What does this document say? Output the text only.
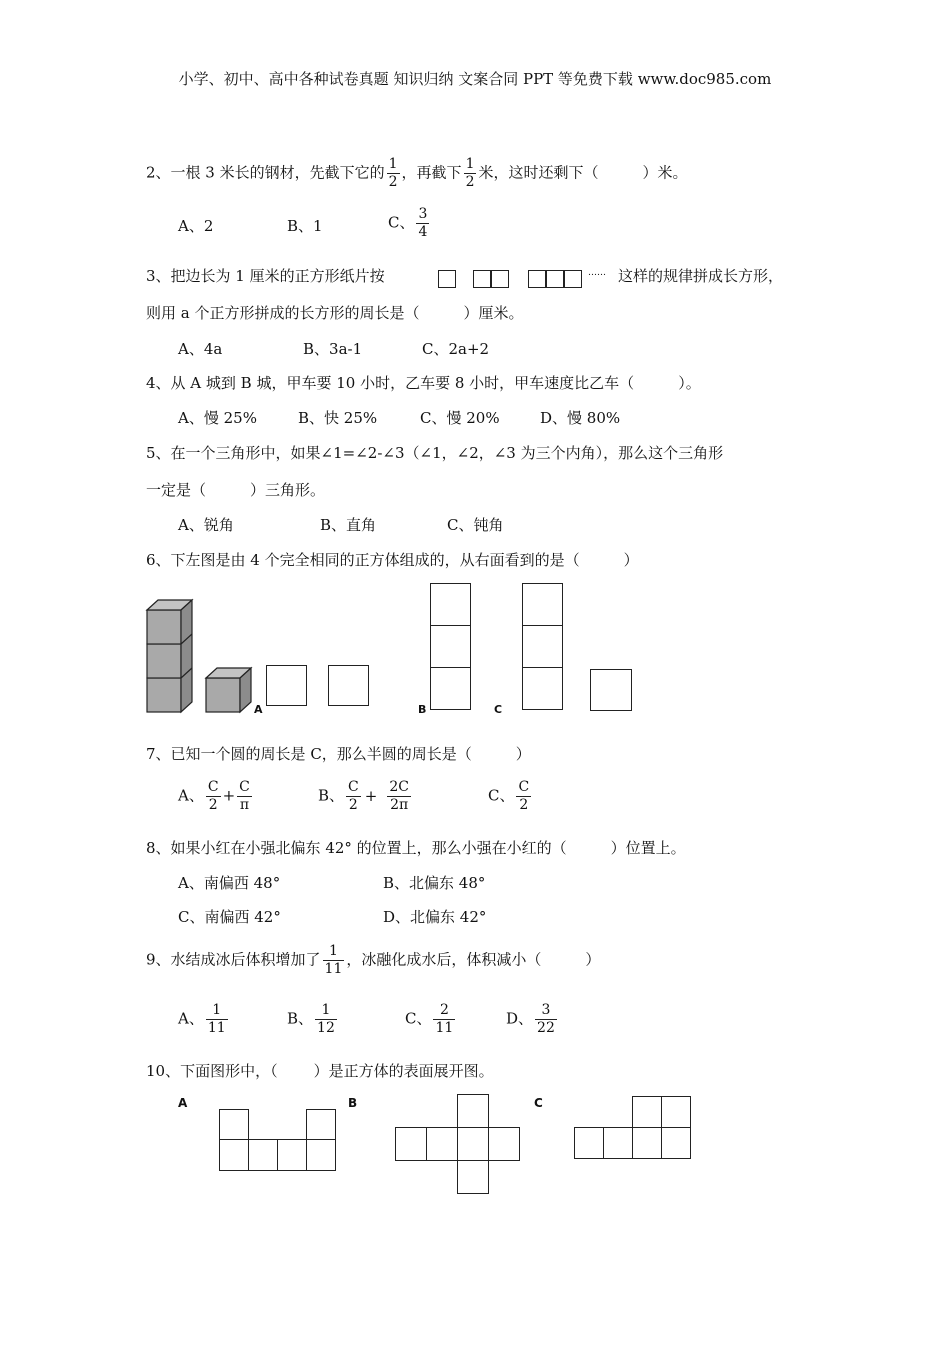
小学、初中、高中各种试卷真题 知识归纳 文案合同 PPT 等免费下载 www.doc985.com
2、一根 3 米长的钢材，先截下它的 $\frac{1}{2}$ ，再截下 $\frac{1}{2}$ 米，这时还剩下（	）米。
A、2	B、1	C、 $\frac{3}{4}$
3、把边长为 1 厘米的正方形纸片按	…… 这样的规律拼成长方形，
则用 a 个正方形拼成的长方形的周长是（	）厘米。
A、4a	B、3a-1	C、2a+2
4、从 A 城到 B 城，甲车要 10 小时，乙车要 8 小时，甲车速度比乙车（	）。
A、慢 25%	B、快 25%	C、慢 20%	D、慢 80%
5、在一个三角形中，如果∠1=∠2-∠3（∠1，∠2，∠3 为三个内角），那么这个三角形
一定是（	）三角形。
A、锐角	B、直角	C、钝角
6、下左图是由 4 个完全相同的正方体组成的，从右面看到的是（	）
A	B	C
7、已知一个圆的周长是 C，那么半圆的周长是（	）
A、 $\frac{C}{2} + \frac{C}{\pi}$	B、 $\frac{C}{2} + \frac{2C}{2\pi}$	C、 $\frac{C}{2}$
8、如果小红在小强北偏东 42° 的位置上，那么小强在小红的（	）位置上。
A、南偏西 48°	B、北偏东 48°
C、南偏西 42°	D、北偏东 42°
9、水结成冰后体积增加了 $\frac{1}{11}$ ，冰融化成水后，体积减小（	）
A、 $\frac{1}{11}$	B、 $\frac{1}{12}$	C、 $\frac{2}{11}$	D、 $\frac{3}{22}$
10、下面图形中，（ ）是正方体的表面展开图。
A	B	C
